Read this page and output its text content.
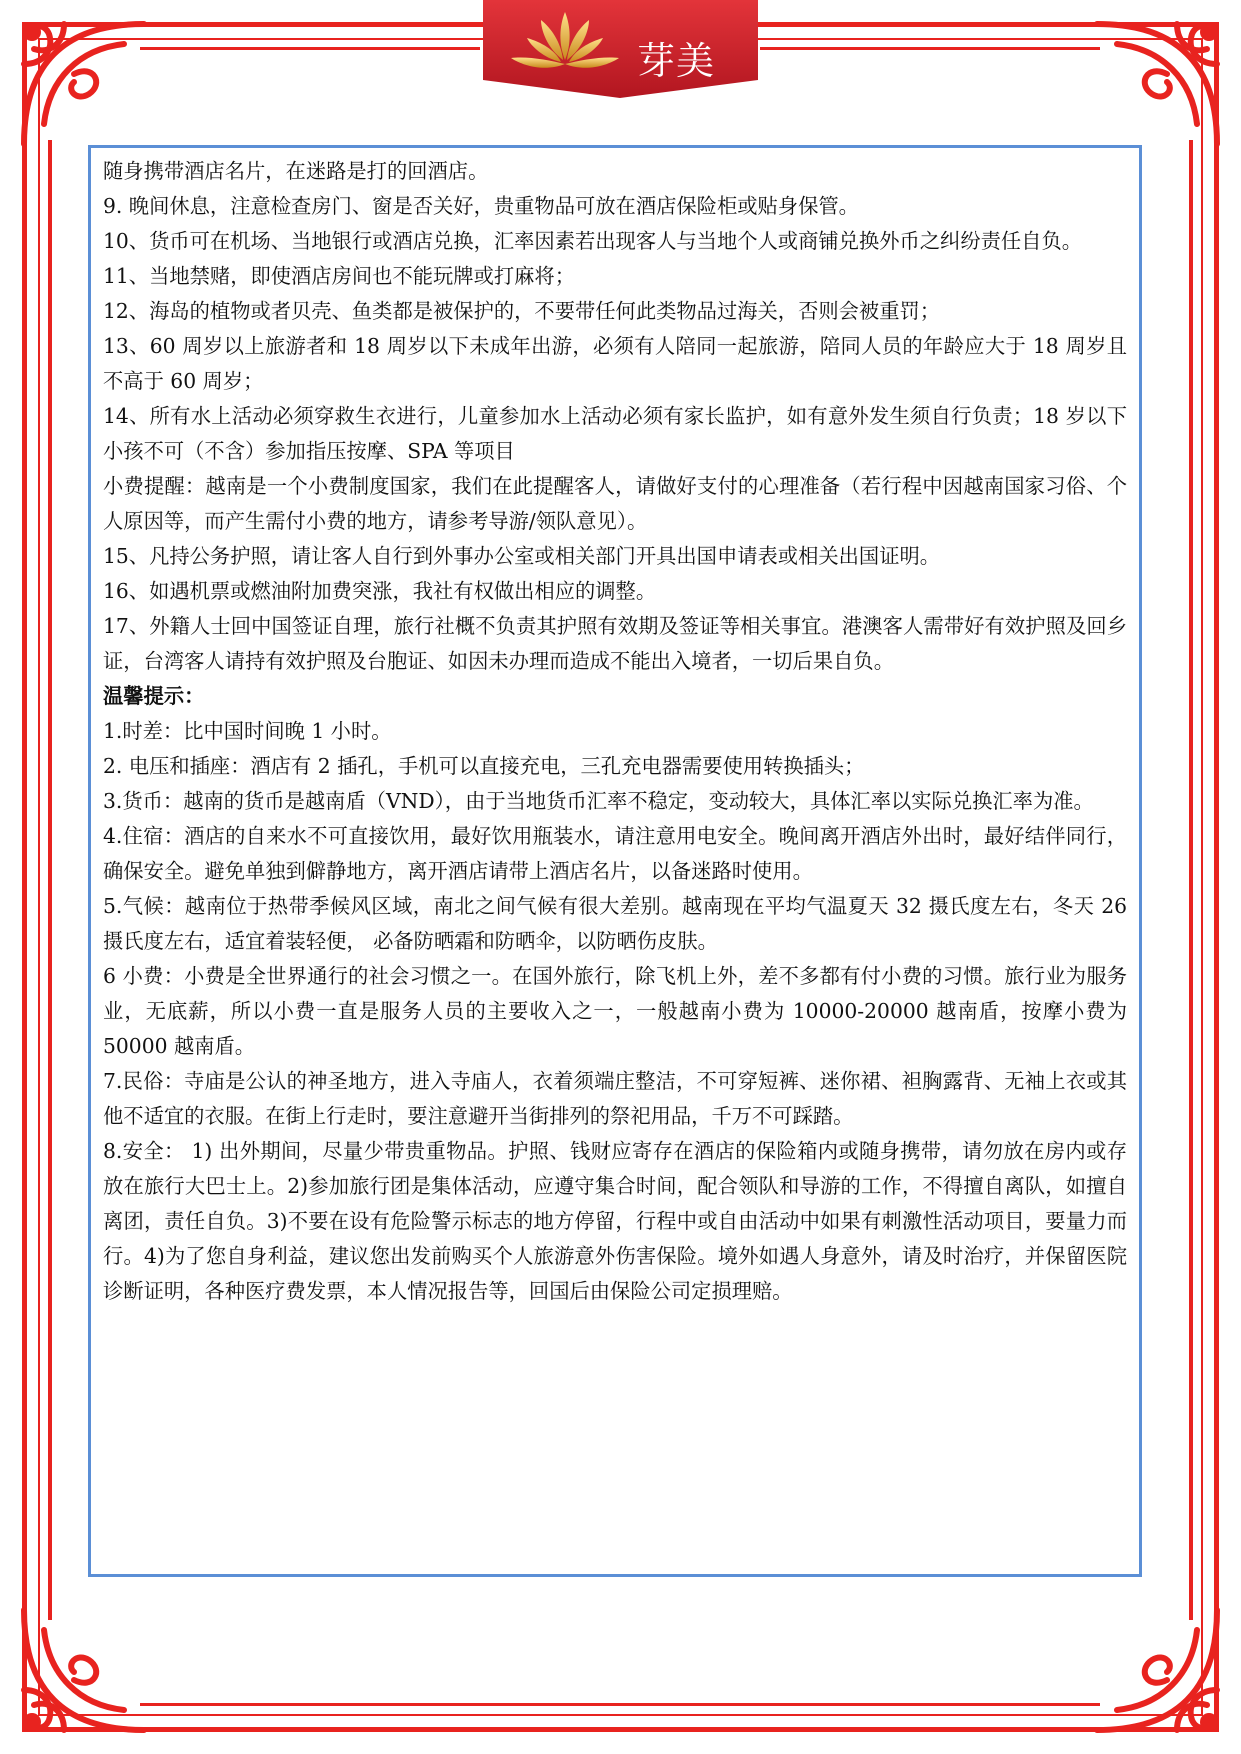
芽美

随身携带酒店名片，在迷路是打的回酒店。

9. 晚间休息，注意检查房门、窗是否关好，贵重物品可放在酒店保险柜或贴身保管。

10、货币可在机场、当地银行或酒店兑换，汇率因素若出现客人与当地个人或商铺兑换外币之纠纷责任自负。

11、当地禁赌，即使酒店房间也不能玩牌或打麻将；

12、海岛的植物或者贝壳、鱼类都是被保护的，不要带任何此类物品过海关，否则会被重罚；

13、60 周岁以上旅游者和 18 周岁以下未成年出游，必须有人陪同一起旅游，陪同人员的年龄应大于 18 周岁且不高于 60 周岁；

14、所有水上活动必须穿救生衣进行，儿童参加水上活动必须有家长监护，如有意外发生须自行负责；18 岁以下小孩不可（不含）参加指压按摩、SPA 等项目

小费提醒：越南是一个小费制度国家，我们在此提醒客人，请做好支付的心理准备（若行程中因越南国家习俗、个人原因等，而产生需付小费的地方，请参考导游/领队意见）。

15、凡持公务护照，请让客人自行到外事办公室或相关部门开具出国申请表或相关出国证明。

16、如遇机票或燃油附加费突涨，我社有权做出相应的调整。

17、外籍人士回中国签证自理，旅行社概不负责其护照有效期及签证等相关事宜。港澳客人需带好有效护照及回乡证，台湾客人请持有效护照及台胞证、如因未办理而造成不能出入境者，一切后果自负。

温馨提示：

1.时差：比中国时间晚 1 小时。

2. 电压和插座：酒店有 2 插孔，手机可以直接充电，三孔充电器需要使用转换插头；

3.货币：越南的货币是越南盾（VND），由于当地货币汇率不稳定，变动较大，具体汇率以实际兑换汇率为准。

4.住宿：酒店的自来水不可直接饮用，最好饮用瓶装水，请注意用电安全。晚间离开酒店外出时，最好结伴同行，确保安全。避免单独到僻静地方，离开酒店请带上酒店名片，以备迷路时使用。

5.气候：越南位于热带季候风区域，南北之间气候有很大差别。越南现在平均气温夏天 32 摄氏度左右，冬天 26 摄氏度左右，适宜着装轻便， 必备防晒霜和防晒伞，以防晒伤皮肤。

6 小费：小费是全世界通行的社会习惯之一。在国外旅行，除飞机上外，差不多都有付小费的习惯。旅行业为服务业，无底薪，所以小费一直是服务人员的主要收入之一，一般越南小费为 10000-20000 越南盾，按摩小费为 50000 越南盾。

7.民俗：寺庙是公认的神圣地方，进入寺庙人，衣着须端庄整洁，不可穿短裤、迷你裙、袒胸露背、无袖上衣或其他不适宜的衣服。在街上行走时，要注意避开当街排列的祭祀用品，千万不可踩踏。

8.安全： 1) 出外期间，尽量少带贵重物品。护照、钱财应寄存在酒店的保险箱内或随身携带，请勿放在房内或存放在旅行大巴士上。2)参加旅行团是集体活动，应遵守集合时间，配合领队和导游的工作，不得擅自离队，如擅自离团，责任自负。3)不要在设有危险警示标志的地方停留，行程中或自由活动中如果有刺激性活动项目，要量力而行。4)为了您自身利益，建议您出发前购买个人旅游意外伤害保险。境外如遇人身意外，请及时治疗，并保留医院诊断证明，各种医疗费发票，本人情况报告等，回国后由保险公司定损理赔。
